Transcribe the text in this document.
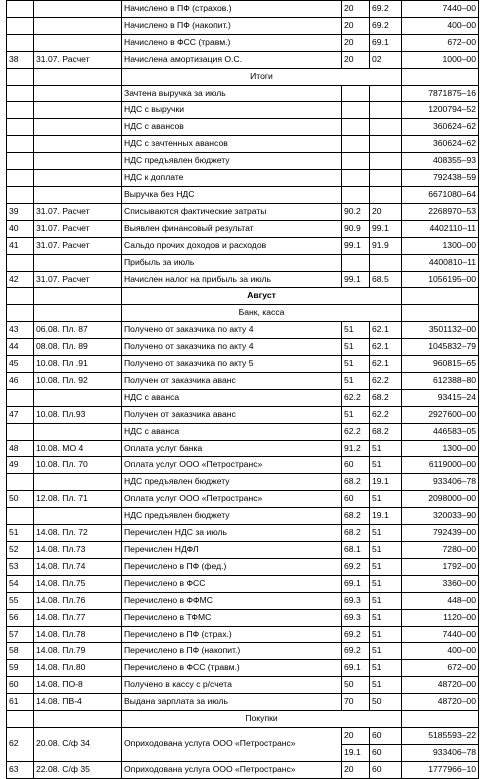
		Начислено в ПФ (страхов.)	20	69.2	7440–00
		Начислено в ПФ (накопит.)	20	69.2	400–00
		Начислено в ФСС (травм.)	20	69.1	672–00
38	31.07. Расчет	Начислена амортизация О.С.	20	02	1000–00
		Итоги			
		Зачтена выручка за июль			7871875–16
		НДС с выручки			1200794–52
		НДС с авансов			360624–62
		НДС с зачтенных авансов			360624–62
		НДС предъявлен бюджету			408355–93
		НДС к доплате			792438–59
		Выручка без НДС			6671080–64
39	31.07. Расчет	Списываются фактические затраты	90.2	20	2268970–53
40	31.07. Расчет	Выявлен финансовый результат	90.9	99.1	4402110–11
41	31.07. Расчет	Сальдо прочих доходов и расходов	99.1	91.9	1300–00
		Прибыль за июль			4400810–11
42	31.07. Расчет	Начислен налог на прибыль за июль	99.1	68.5	1056195–00
		Август			
		Банк, касса			
43	06.08. Пл. 87	Получено от заказчика по акту 4	51	62.1	3501132–00
44	08.08. Пл. 89	Получено от заказчика по акту 4	51	62.1	1045832–79
45	10.08. Пл .91	Получено от заказчика по акту 5	51	62.1	960815–65
46	10.08. Пл. 92	Получен от заказчика аванс	51	62.2	612388–80
		НДС с аванса	62.2	68.2	93415–24
47	10.08. Пл.93	Получен от заказчика аванс	51	62.2	2927600–00
		НДС с аванса	62.2	68.2	446583–05
48	10.08. МО 4	Оплата услуг банка	91.2	51	1300–00
49	10.08. Пл. 70	Оплата услуг ООО «Петространс»	60	51	6119000–00
		НДС предъявлен бюджету	68.2	19.1	933406–78
50	12.08. Пл. 71	Оплата услуг ООО «Петространс»	60	51	2098000–00
		НДС предъявлен бюджету	68.2	19.1	320033–90
51	14.08. Пл. 72	Перечислен НДС за июль	68.2	51	792439–00
52	14.08. Пл.73	Перечислен НДФЛ	68.1	51	7280–00
53	14.08. Пл.74	Перечислено в ПФ (фед.)	69.2	51	1792–00
54	14.08. Пл.75	Перечислено в ФСС	69.1	51	3360–00
55	14.08. Пл.76	Перечислено в ФФМС	69.3	51	448–00
56	14.08. Пл.77	Перечислено в ТФМС	69.3	51	1120–00
57	14.08. Пл.78	Перечислено в ПФ (страх.)	69.2	51	7440–00
58	14.08. Пл.79	Перечислено в ПФ (накопит.)	69.2	51	400–00
59	14.08. Пл.80	Перечислено в ФСС (травм.)	69.1	51	672–00
60	14.08. ПО-8	Получено в кассу с р/счета	50	51	48720–00
61	14.08. ПВ-4	Выдана зарплата за июль	70	50	48720–00
		Покупки			
62	20.08. С/ф 34	Оприходована услуга ООО «Петространс»	20	60	5185593–22
			19.1	60	933406–78
63	22.08. С/ф 35	Оприходована услуга ООО «Петространс»	20	60	1777966–10
